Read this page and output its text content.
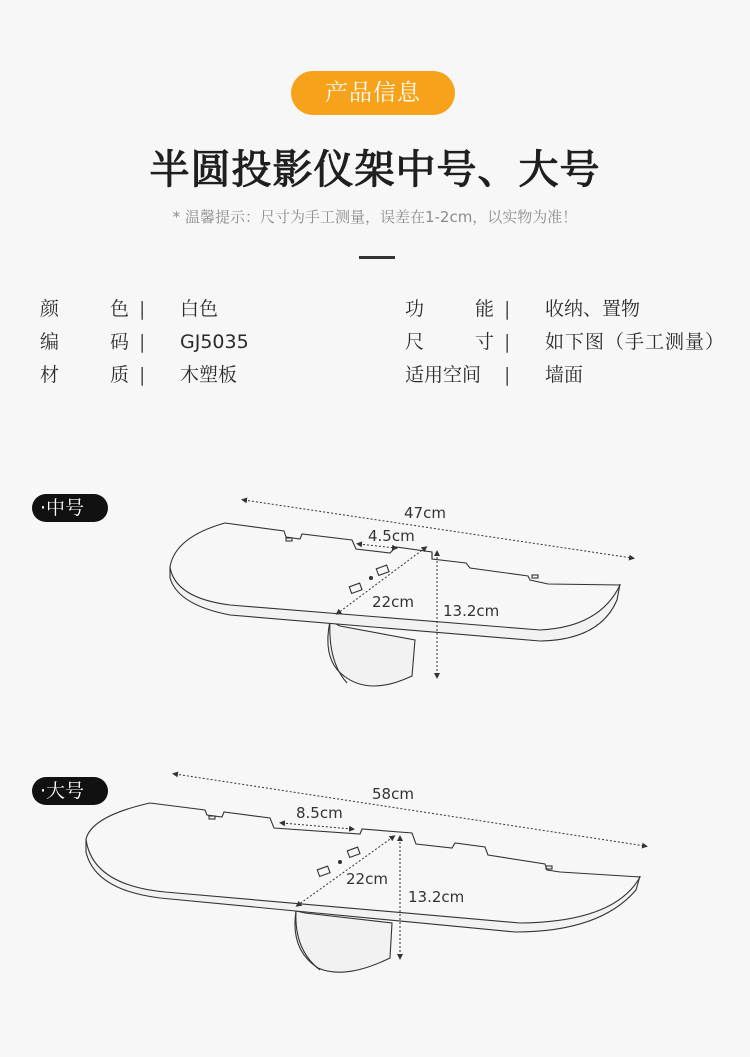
产品信息
半圆投影仪架中号、大号
* 温馨提示：尺寸为手工测量，误差在1-2cm，以实物为准！
颜	色 | 白色
编	码 | GJ5035
材	质 | 木塑板
功	能 | 收纳、置物
尺	寸 | 如下图（手工测量）
适用空间 | 墙面
·中号
·大号
47cm
4.5cm
22cm 13.2cm
58cm
8.5cm
22cm
13.2cm
